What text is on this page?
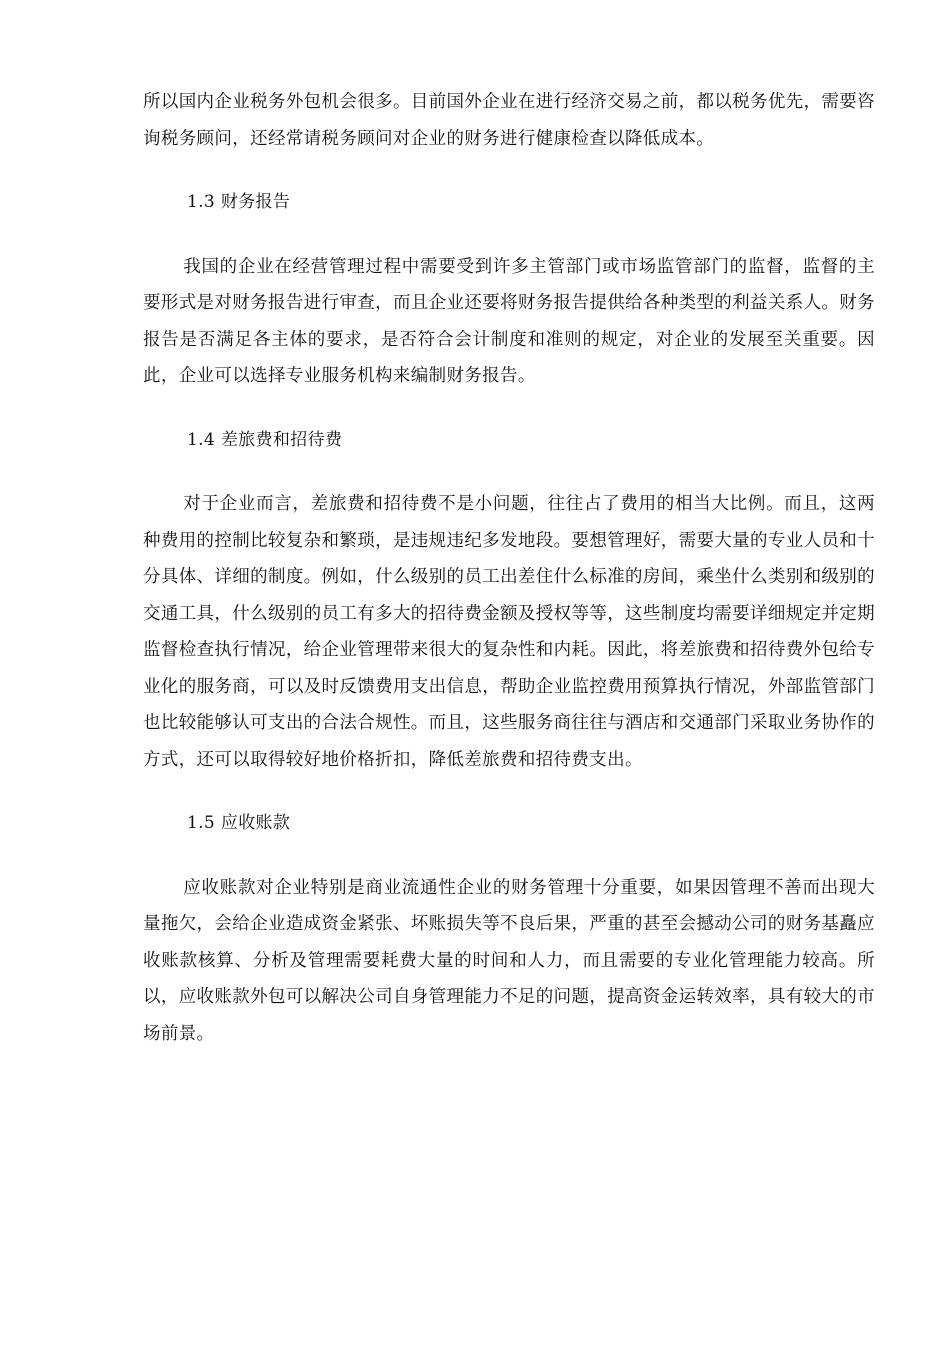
所以国内企业税务外包机会很多。目前国外企业在进行经济交易之前，都以税务优先，需要咨询税务顾问，还经常请税务顾问对企业的财务进行健康检查以降低成本。

1.3 财务报告

我国的企业在经营管理过程中需要受到许多主管部门或市场监管部门的监督，监督的主要形式是对财务报告进行审查，而且企业还要将财务报告提供给各种类型的利益关系人。财务报告是否满足各主体的要求，是否符合会计制度和准则的规定，对企业的发展至关重要。因此，企业可以选择专业服务机构来编制财务报告。

1.4 差旅费和招待费

对于企业而言，差旅费和招待费不是小问题，往往占了费用的相当大比例。而且，这两种费用的控制比较复杂和繁琐，是违规违纪多发地段。要想管理好，需要大量的专业人员和十分具体、详细的制度。例如，什么级别的员工出差住什么标准的房间，乘坐什么类别和级别的交通工具，什么级别的员工有多大的招待费金额及授权等等，这些制度均需要详细规定并定期监督检查执行情况，给企业管理带来很大的复杂性和内耗。因此，将差旅费和招待费外包给专业化的服务商，可以及时反馈费用支出信息，帮助企业监控费用预算执行情况，外部监管部门也比较能够认可支出的合法合规性。而且，这些服务商往往与酒店和交通部门采取业务协作的方式，还可以取得较好地价格折扣，降低差旅费和招待费支出。

1.5 应收账款

应收账款对企业特别是商业流通性企业的财务管理十分重要，如果因管理不善而出现大量拖欠，会给企业造成资金紧张、坏账损失等不良后果，严重的甚至会撼动公司的财务基矗应收账款核算、分析及管理需要耗费大量的时间和人力，而且需要的专业化管理能力较高。所以，应收账款外包可以解决公司自身管理能力不足的问题，提高资金运转效率，具有较大的市场前景。
